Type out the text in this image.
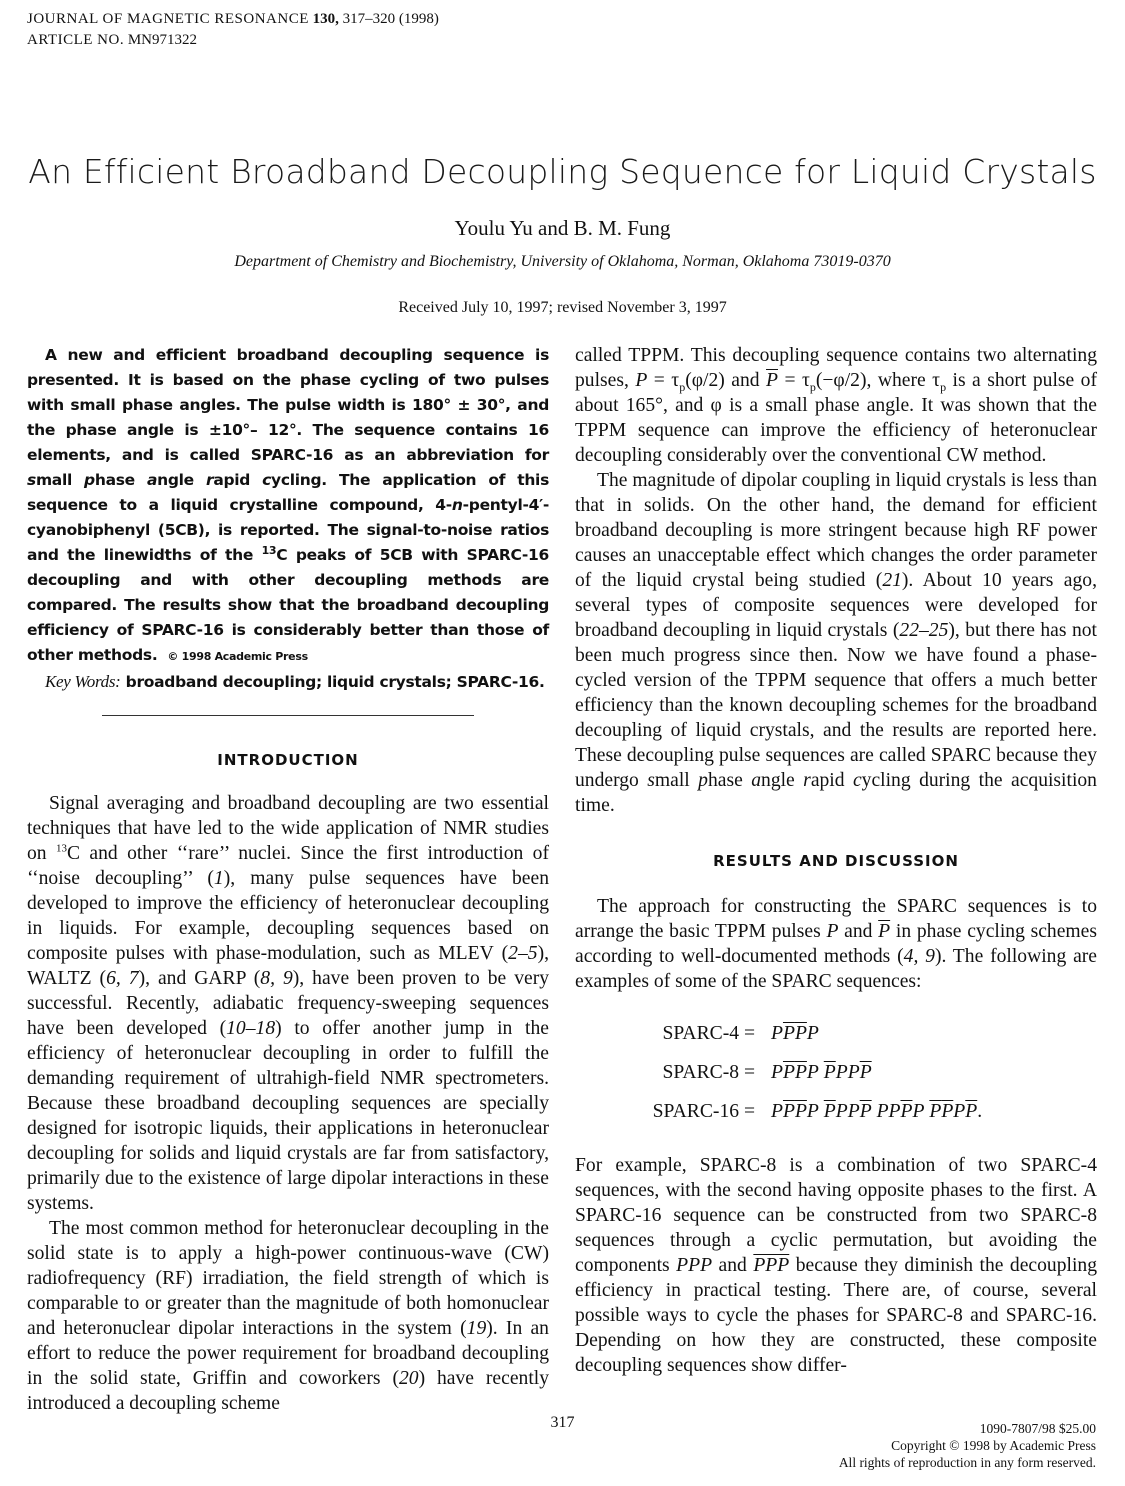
JOURNAL OF MAGNETIC RESONANCE 130, 317–320 (1998)
ARTICLE NO. MN971322
An Efficient Broadband Decoupling Sequence for Liquid Crystals
Youlu Yu and B. M. Fung
Department of Chemistry and Biochemistry, University of Oklahoma, Norman, Oklahoma 73019-0370
Received July 10, 1997; revised November 3, 1997

A new and efficient broadband decoupling sequence is presented. It is based on the phase cycling of two pulses with small phase angles. The pulse width is 180° ± 30°, and the phase angle is ±10°– 12°. The sequence contains 16 elements, and is called SPARC-16 as an abbreviation for small phase angle rapid cycling. The application of this sequence to a liquid crystalline compound, 4-n-pentyl-4′-cyanobiphenyl (5CB), is reported. The signal-to-noise ratios and the linewidths of the $^{13}$C peaks of 5CB with SPARC-16 decoupling and with other decoupling methods are compared. The results show that the broadband decoupling efficiency of SPARC-16 is considerably better than those of other methods. © 1998 Academic Press

Key Words: broadband decoupling; liquid crystals; SPARC-16.

INTRODUCTION

Signal averaging and broadband decoupling are two essential techniques that have led to the wide application of NMR studies on $^{13}$C and other ‘‘rare’’ nuclei. Since the first introduction of ‘‘noise decoupling’’ (1), many pulse sequences have been developed to improve the efficiency of heteronuclear decoupling in liquids. For example, decoupling sequences based on composite pulses with phase-modulation, such as MLEV (2–5), WALTZ (6, 7), and GARP (8, 9), have been proven to be very successful. Recently, adiabatic frequency-sweeping sequences have been developed (10–18) to offer another jump in the efficiency of heteronuclear decoupling in order to fulfill the demanding requirement of ultrahigh-field NMR spectrometers. Because these broadband decoupling sequences are specially designed for isotropic liquids, their applications in heteronuclear decoupling for solids and liquid crystals are far from satisfactory, primarily due to the existence of large dipolar interactions in these systems.

The most common method for heteronuclear decoupling in the solid state is to apply a high-power continuous-wave (CW) radiofrequency (RF) irradiation, the field strength of which is comparable to or greater than the magnitude of both homonuclear and heteronuclear dipolar interactions in the system (19). In an effort to reduce the power requirement for broadband decoupling in the solid state, Griffin and coworkers (20) have recently introduced a decoupling scheme

called TPPM. This decoupling sequence contains two alternating pulses, $P = \tau_p(\varphi/2)$ and $\overline{P} = \tau_p(-\varphi/2)$, where $\tau_p$ is a short pulse of about 165°, and φ is a small phase angle. It was shown that the TPPM sequence can improve the efficiency of heteronuclear decoupling considerably over the conventional CW method.

The magnitude of dipolar coupling in liquid crystals is less than that in solids. On the other hand, the demand for efficient broadband decoupling is more stringent because high RF power causes an unacceptable effect which changes the order parameter of the liquid crystal being studied (21). About 10 years ago, several types of composite sequences were developed for broadband decoupling in liquid crystals (22–25), but there has not been much progress since then. Now we have found a phase-cycled version of the TPPM sequence that offers a much better efficiency than the known decoupling schemes for the broadband decoupling of liquid crystals, and the results are reported here. These decoupling pulse sequences are called SPARC because they undergo small phase angle rapid cycling during the acquisition time.

RESULTS AND DISCUSSION

The approach for constructing the SPARC sequences is to arrange the basic TPPM pulses P and $\overline{P}$ in phase cycling schemes according to well-documented methods (4, 9). The following are examples of some of the SPARC sequences:

SPARC-4 = $P\overline{P}\overline{P}P$
SPARC-8 = $P\overline{P}\overline{P}P$ $\overline{P}PP\overline{P}$
SPARC-16 = $P\overline{P}\overline{P}P$ $\overline{P}PP\overline{P}$ $PP\overline{P}P$ $\overline{P}\overline{P}P\overline{P}$.

For example, SPARC-8 is a combination of two SPARC-4 sequences, with the second having opposite phases to the first. A SPARC-16 sequence can be constructed from two SPARC-8 sequences through a cyclic permutation, but avoiding the components PPP and $\overline{PPP}$ because they diminish the decoupling efficiency in practical testing. There are, of course, several possible ways to cycle the phases for SPARC-8 and SPARC-16. Depending on how they are constructed, these composite decoupling sequences show differ-

317	1090-7807/98 $25.00
Copyright © 1998 by Academic Press
All rights of reproduction in any form reserved.
